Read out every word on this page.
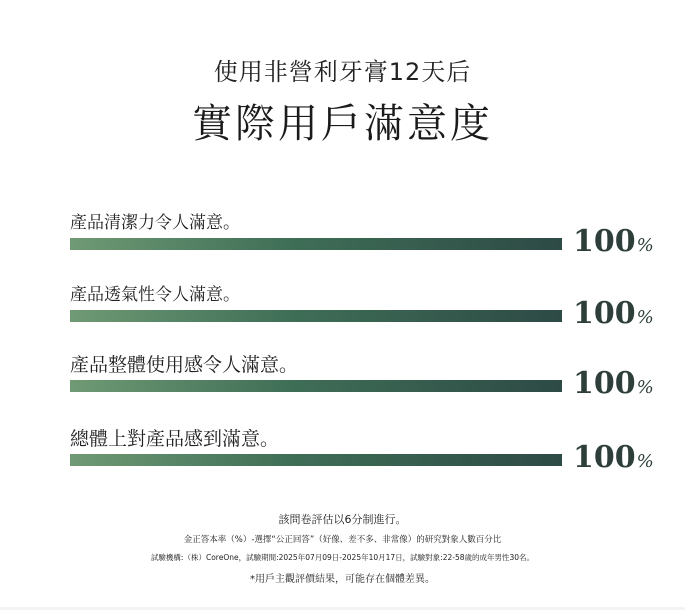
使用非營利牙膏12天后
實際用戶滿意度
產品清潔力令人滿意。
100%
產品透氣性令人滿意。
100%
產品整體使用感令人滿意。
100%
總體上對產品感到滿意。
100%
該問卷評估以6分制進行。
金正答本率（%）-選擇“公正回答”（好像、差不多、非常像）的研究對象人數百分比
試驗機構:（株）CoreOne，試驗期間:2025年07月09日-2025年10月17日，試驗對象:22-58歲的成年男性30名。
*用戶主觀評價結果，可能存在個體差異。
